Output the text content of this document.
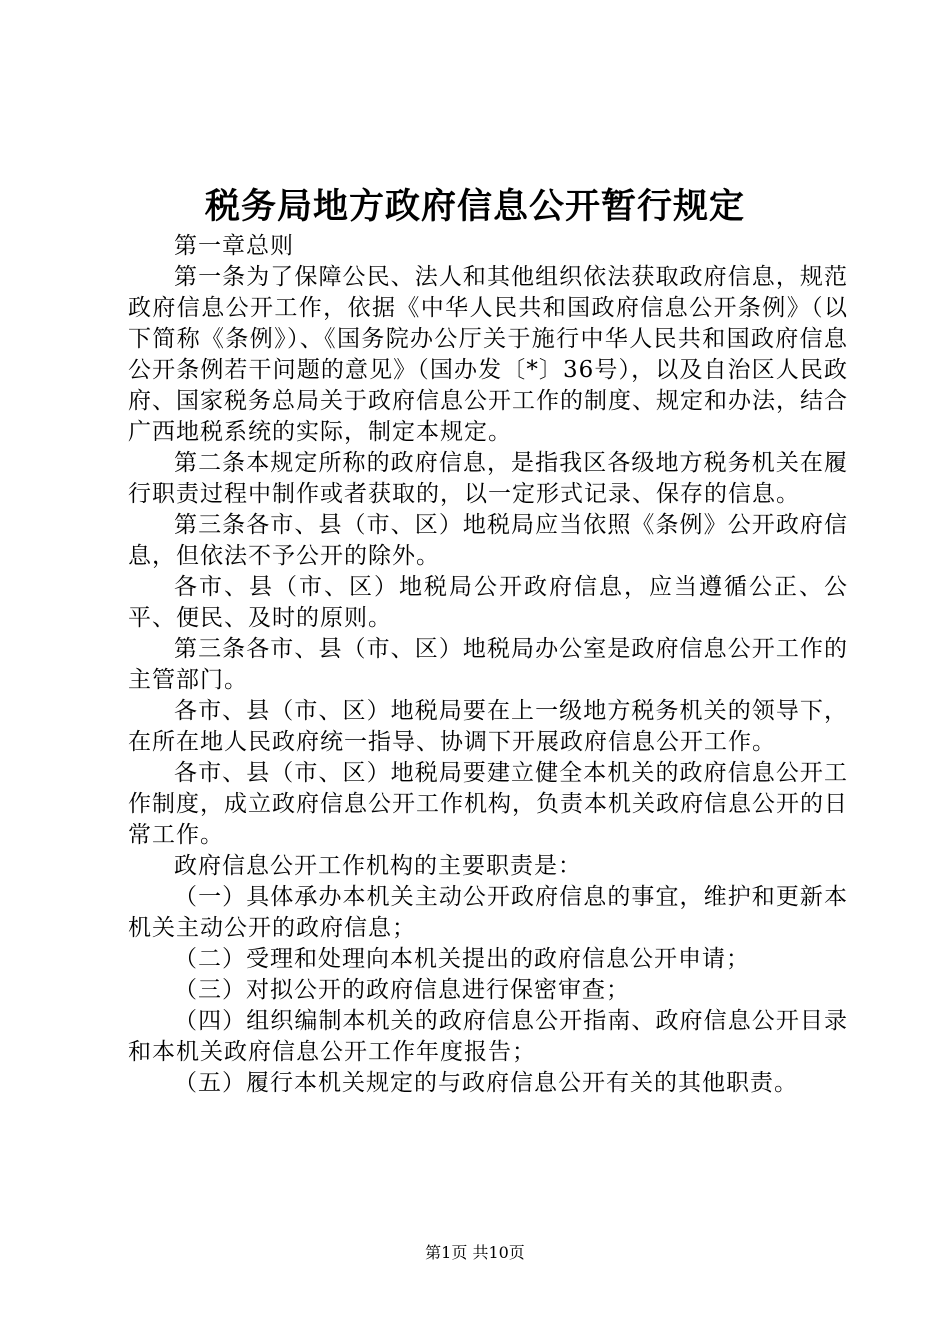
税务局地方政府信息公开暂行规定

第一章总则

第一条为了保障公民、法人和其他组织依法获取政府信息，规范政府信息公开工作，依据《中华人民共和国政府信息公开条例》（以下简称《条例》）、《国务院办公厅关于施行中华人民共和国政府信息公开条例若干问题的意见》（国办发〔*〕36号），以及自治区人民政府、国家税务总局关于政府信息公开工作的制度、规定和办法，结合广西地税系统的实际，制定本规定。

第二条本规定所称的政府信息，是指我区各级地方税务机关在履行职责过程中制作或者获取的，以一定形式记录、保存的信息。

第三条各市、县（市、区）地税局应当依照《条例》公开政府信息，但依法不予公开的除外。

各市、县（市、区）地税局公开政府信息，应当遵循公正、公平、便民、及时的原则。

第三条各市、县（市、区）地税局办公室是政府信息公开工作的主管部门。

各市、县（市、区）地税局要在上一级地方税务机关的领导下，在所在地人民政府统一指导、协调下开展政府信息公开工作。

各市、县（市、区）地税局要建立健全本机关的政府信息公开工作制度，成立政府信息公开工作机构，负责本机关政府信息公开的日常工作。

政府信息公开工作机构的主要职责是：

（一）具体承办本机关主动公开政府信息的事宜，维护和更新本机关主动公开的政府信息；

（二）受理和处理向本机关提出的政府信息公开申请；

（三）对拟公开的政府信息进行保密审查；

（四）组织编制本机关的政府信息公开指南、政府信息公开目录和本机关政府信息公开工作年度报告；

（五）履行本机关规定的与政府信息公开有关的其他职责。

第1页 共10页
